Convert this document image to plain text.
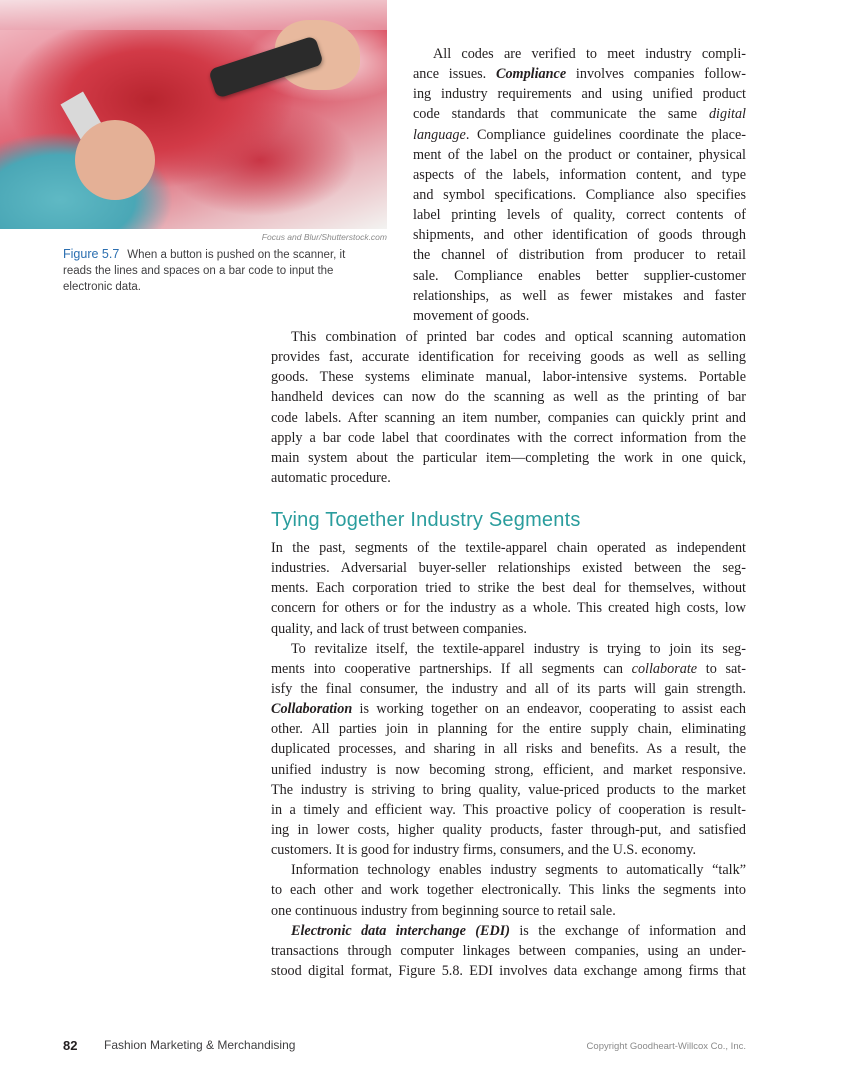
Focus and Blur/Shutterstock.com
Figure 5.7 When a button is pushed on the scanner, it reads the lines and spaces on a bar code to input the electronic data.
All codes are verified to meet industry compli-
ance issues. Compliance involves companies follow-
ing industry requirements and using unified product
code standards that communicate the same digital
language. Compliance guidelines coordinate the place-
ment of the label on the product or container, physical
aspects of the labels, information content, and type
and symbol specifications. Compliance also specifies
label printing levels of quality, correct contents of
shipments, and other identification of goods through
the channel of distribution from producer to retail
sale. Compliance enables better supplier-customer
relationships, as well as fewer mistakes and faster
movement of goods.
This combination of printed bar codes and optical scanning automation
provides fast, accurate identification for receiving goods as well as selling
goods. These systems eliminate manual, labor-intensive systems. Portable
handheld devices can now do the scanning as well as the printing of bar
code labels. After scanning an item number, companies can quickly print and
apply a bar code label that coordinates with the correct information from the
main system about the particular item—completing the work in one quick,
automatic procedure.
Tying Together Industry Segments
In the past, segments of the textile-apparel chain operated as independent
industries. Adversarial buyer-seller relationships existed between the seg-
ments. Each corporation tried to strike the best deal for themselves, without
concern for others or for the industry as a whole. This created high costs, low
quality, and lack of trust between companies.
To revitalize itself, the textile-apparel industry is trying to join its seg-
ments into cooperative partnerships. If all segments can collaborate to sat-
isfy the final consumer, the industry and all of its parts will gain strength.
Collaboration is working together on an endeavor, cooperating to assist each
other. All parties join in planning for the entire supply chain, eliminating
duplicated processes, and sharing in all risks and benefits. As a result, the
unified industry is now becoming strong, efficient, and market responsive.
The industry is striving to bring quality, value-priced products to the market
in a timely and efficient way. This proactive policy of cooperation is result-
ing in lower costs, higher quality products, faster through-put, and satisfied
customers. It is good for industry firms, consumers, and the U.S. economy.
Information technology enables industry segments to automatically “talk”
to each other and work together electronically. This links the segments into
one continuous industry from beginning source to retail sale.
Electronic data interchange (EDI) is the exchange of information and
transactions through computer linkages between companies, using an under-
stood digital format, Figure 5.8. EDI involves data exchange among firms that
82 Fashion Marketing & Merchandising	Copyright Goodheart-Willcox Co., Inc.
